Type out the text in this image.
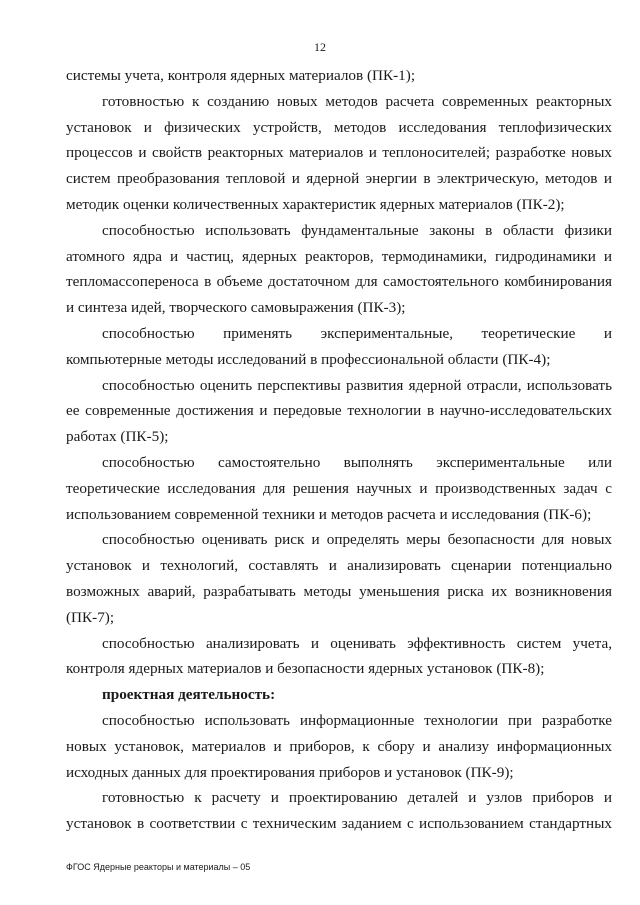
12

системы учета, контроля ядерных материалов (ПК-1);

готовностью к созданию новых методов расчета современных реакторных установок и физических устройств, методов исследования теплофизических процессов и свойств реакторных материалов и теплоносителей; разработке новых систем преобразования тепловой и ядерной энергии в электрическую, методов и методик оценки количественных характеристик ядерных материалов (ПК-2);

способностью использовать фундаментальные законы в области физики атомного ядра и частиц, ядерных реакторов, термодинамики, гидродинамики и тепломассопереноса в объеме достаточном для самостоятельного комбинирования и синтеза идей, творческого самовыражения (ПК-3);

способностью применять экспериментальные, теоретические и компьютерные методы исследований в профессиональной области (ПК-4);

способностью оценить перспективы развития ядерной отрасли, использовать ее современные достижения и передовые технологии в научно-исследовательских работах (ПК-5);

способностью самостоятельно выполнять экспериментальные или теоретические исследования для решения научных и производственных задач с использованием современной техники и методов расчета и исследования (ПК-6);

способностью оценивать риск и определять меры безопасности для новых установок и технологий, составлять и анализировать сценарии потенциально возможных аварий, разрабатывать методы уменьшения риска их возникновения (ПК-7);

способностью анализировать и оценивать эффективность систем учета, контроля ядерных материалов и безопасности ядерных установок (ПК-8);

проектная деятельность:

способностью использовать информационные технологии при разработке новых установок, материалов и приборов, к сбору и анализу информационных исходных данных для проектирования приборов и установок (ПК-9);

готовностью к расчету и проектированию деталей и узлов приборов и установок в соответствии с техническим заданием с использованием стандартных

ФГОС Ядерные реакторы и материалы – 05
